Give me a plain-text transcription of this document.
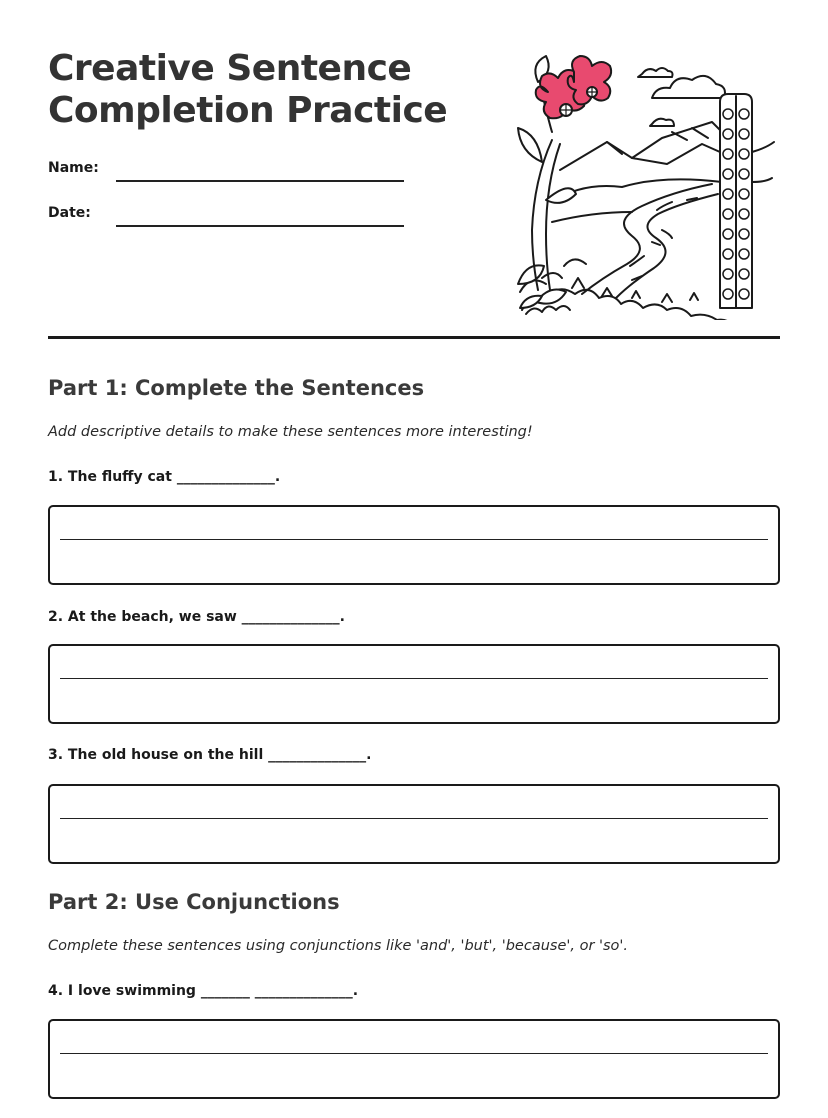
Creative Sentence
Completion Practice
Name:
Date:
Part 1: Complete the Sentences
Add descriptive details to make these sentences more interesting!
1. The fluffy cat ______________.
2. At the beach, we saw ______________.
3. The old house on the hill ______________.
Part 2: Use Conjunctions
Complete these sentences using conjunctions like 'and', 'but', 'because', or 'so'.
4. I love swimming _______ ______________.
